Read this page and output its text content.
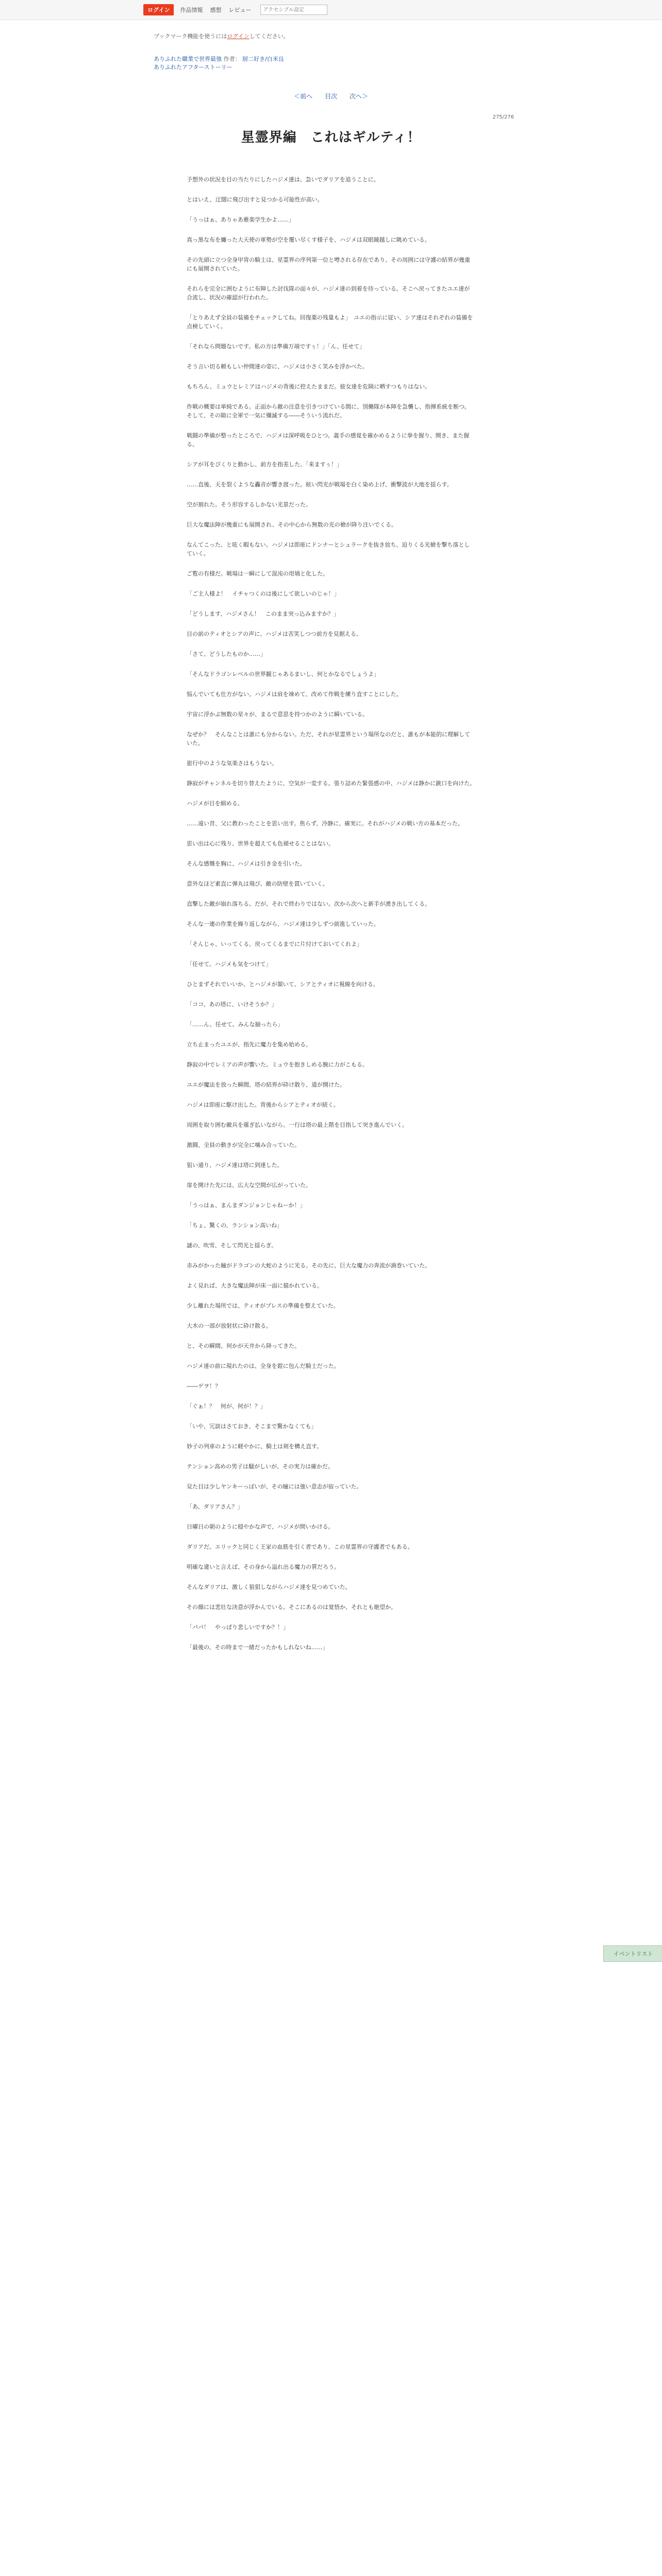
ログイン	作品情報 感想 レビュー
アクセシブル設定
ブックマーク機能を使うにはログインしてください。
ありふれた職業で世界最強 作者： 厨二好き/白米良
ありふれたアフターストーリー
＜前へ 目次 次へ＞
275/276
星霊界編　これはギルティ！

予想外の状況を目の当たりにしたハジメ達は、急いでダリアを追うことに。

とはいえ、迂闊に飛び出すと見つかる可能性が高い。

「うっはぁ、ありゃあ雅楽学生かよ……」

真っ黒な布を纏った大天使の軍勢が空を覆い尽くす様子を、ハジメは双眼鏡越しに眺めている。

その先頭に立つ全身甲冑の騎士は、星霊界の序列第一位と噂される存在であり、その周囲には守護の結界が幾重にも展開されていた。

それらを完全に囲むように布陣した討伐隊の面々が、ハジメ達の到着を待っている。そこへ戻ってきたユエ達が合流し、状況の確認が行われた。

「とりあえず全員の装備をチェックしてね。回復薬の残量もよ」　ユエの指示に従い、シア達はそれぞれの装備を点検していく。

「それなら問題ないです。私の方は準備万端ですぅ！」「ん、任せて」

そう言い切る頼もしい仲間達の姿に、ハジメは小さく笑みを浮かべた。

もちろん、ミュウとレミアはハジメの背後に控えたままだ。彼女達を危険に晒すつもりはない。

作戦の概要は単純である。正面から敵の注意を引きつけている間に、別働隊が本陣を急襲し、指揮系統を断つ。そして、その隙に全軍で一気に殲滅する――そういう流れだ。

戦闘の準備が整ったところで、ハジメは深呼吸をひとつ。義手の感覚を確かめるように拳を握り、開き、また握る。

シアが耳をぴくりと動かし、前方を指差した。「来ますぅ！」

……直後、天を裂くような轟音が響き渡った。眩い閃光が戦場を白く染め上げ、衝撃波が大地を揺らす。

空が割れた。そう形容するしかない光景だった。

巨大な魔法陣が幾重にも展開され、その中心から無数の光の槍が降り注いでくる。

なんてこった、と呟く暇もない。ハジメは即座にドンナーとシュラークを抜き放ち、迫りくる光槍を撃ち落としていく。

ご覧の有様だ。戦場は一瞬にして混沌の坩堝と化した。

「ご主人様よ！　イチャつくのは後にして欲しいのじゃ！」

「どうします、ハジメさん！　このまま突っ込みますか？」

目の前のティオとシアの声に、ハジメは苦笑しつつ前方を見据える。

「さて、どうしたものか……」

「そんなドラゴンレベルの世界観じゃあるまいし、何とかなるでしょうよ」

悩んでいても仕方がない。ハジメは肩を竦めて、改めて作戦を練り直すことにした。

宇宙に浮かぶ無数の星々が、まるで意思を持つかのように瞬いている。

なぜか？　そんなことは誰にも分からない。ただ、それが星霊界という場所なのだと、誰もが本能的に理解していた。

旅行中のような気楽さはもうない。

静寂がチャンネルを切り替えたように、空気が一変する。張り詰めた緊張感の中、ハジメは静かに銃口を向けた。

ハジメが目を細める。

……遠い昔、父に教わったことを思い出す。焦らず、冷静に、確実に。それがハジメの戦い方の基本だった。

思い出は心に残り、世界を超えても色褪せることはない。

そんな感慨を胸に、ハジメは引き金を引いた。

意外なほど素直に弾丸は飛び、敵の防壁を貫いていく。

直撃した敵が崩れ落ちる。だが、それで終わりではない。次から次へと新手が湧き出してくる。

そんな一連の作業を繰り返しながら、ハジメ達は少しずつ前進していった。

「そんじゃ、いってくる。戻ってくるまでに片付けておいてくれよ」

「任せて。ハジメも気をつけて」

ひとまずそれでいいか、とハジメが頷いて、シアとティオに視線を向ける。

「ココ、あの塔に、いけそうか？」

「……ん、任せて。みんな揃ったら」

立ち止まったユエが、指先に魔力を集め始める。

静寂の中でレミアの声が響いた。ミュウを抱きしめる腕に力がこもる。

ユエが魔法を放った瞬間、塔の結界が砕け散り、道が開けた。

ハジメは即座に駆け出した。背後からシアとティオが続く。

周囲を取り囲む敵兵を薙ぎ払いながら、一行は塔の最上階を目指して突き進んでいく。

激闘、全員の動きが完全に噛み合っていた。

狙い通り、ハジメ達は塔に到達した。

扉を開けた先には、広大な空間が広がっていた。

「うっはぁ、まんまダンジョンじゃねーか！」

「ちょ、驚くの、ランション高いね」

謎の、吹雪、そして閃光と揺らぎ。

赤みがかった瞳がドラゴンの大蛇のように光る。その先に、巨大な魔力の奔流が渦巻いていた。

よく見れば、大きな魔法陣が床一面に描かれている。

少し離れた場所では、ティオがブレスの準備を整えていた。

大木の一部が放射状に砕け散る。

と、その瞬間、何かが天井から降ってきた。

ハジメ達の前に現れたのは、全身を鎧に包んだ騎士だった。

――ゲヲ！？

「ぐぁ！？　何が、何が！？」

「いや、冗談はさておき、そこまで驚かなくても」

妙子の列車のように軽やかに、騎士は剣を構え直す。

テンション高めの男子は騒がしいが、その実力は確かだ。

見た目は少しヤンキーっぽいが、その瞳には強い意志が宿っていた。

「あ、ダリアさん？」

日曜日の朝のように穏やかな声で、ハジメが問いかける。

ダリアだ。エリックと同じく王家の血筋を引く者であり、この星霊界の守護者でもある。

明確な違いと言えば、その身から溢れ出る魔力の質だろう。

そんなダリアは、激しく狼狽しながらハジメ達を見つめていた。

その顔には悲壮な決意が浮かんでいる。そこにあるのは覚悟か、それとも絶望か。

「パパ！　やっぱり悲しいですか？！」

「最後の、その時まで一緒だったかもしれないね……」

イベントリスト
